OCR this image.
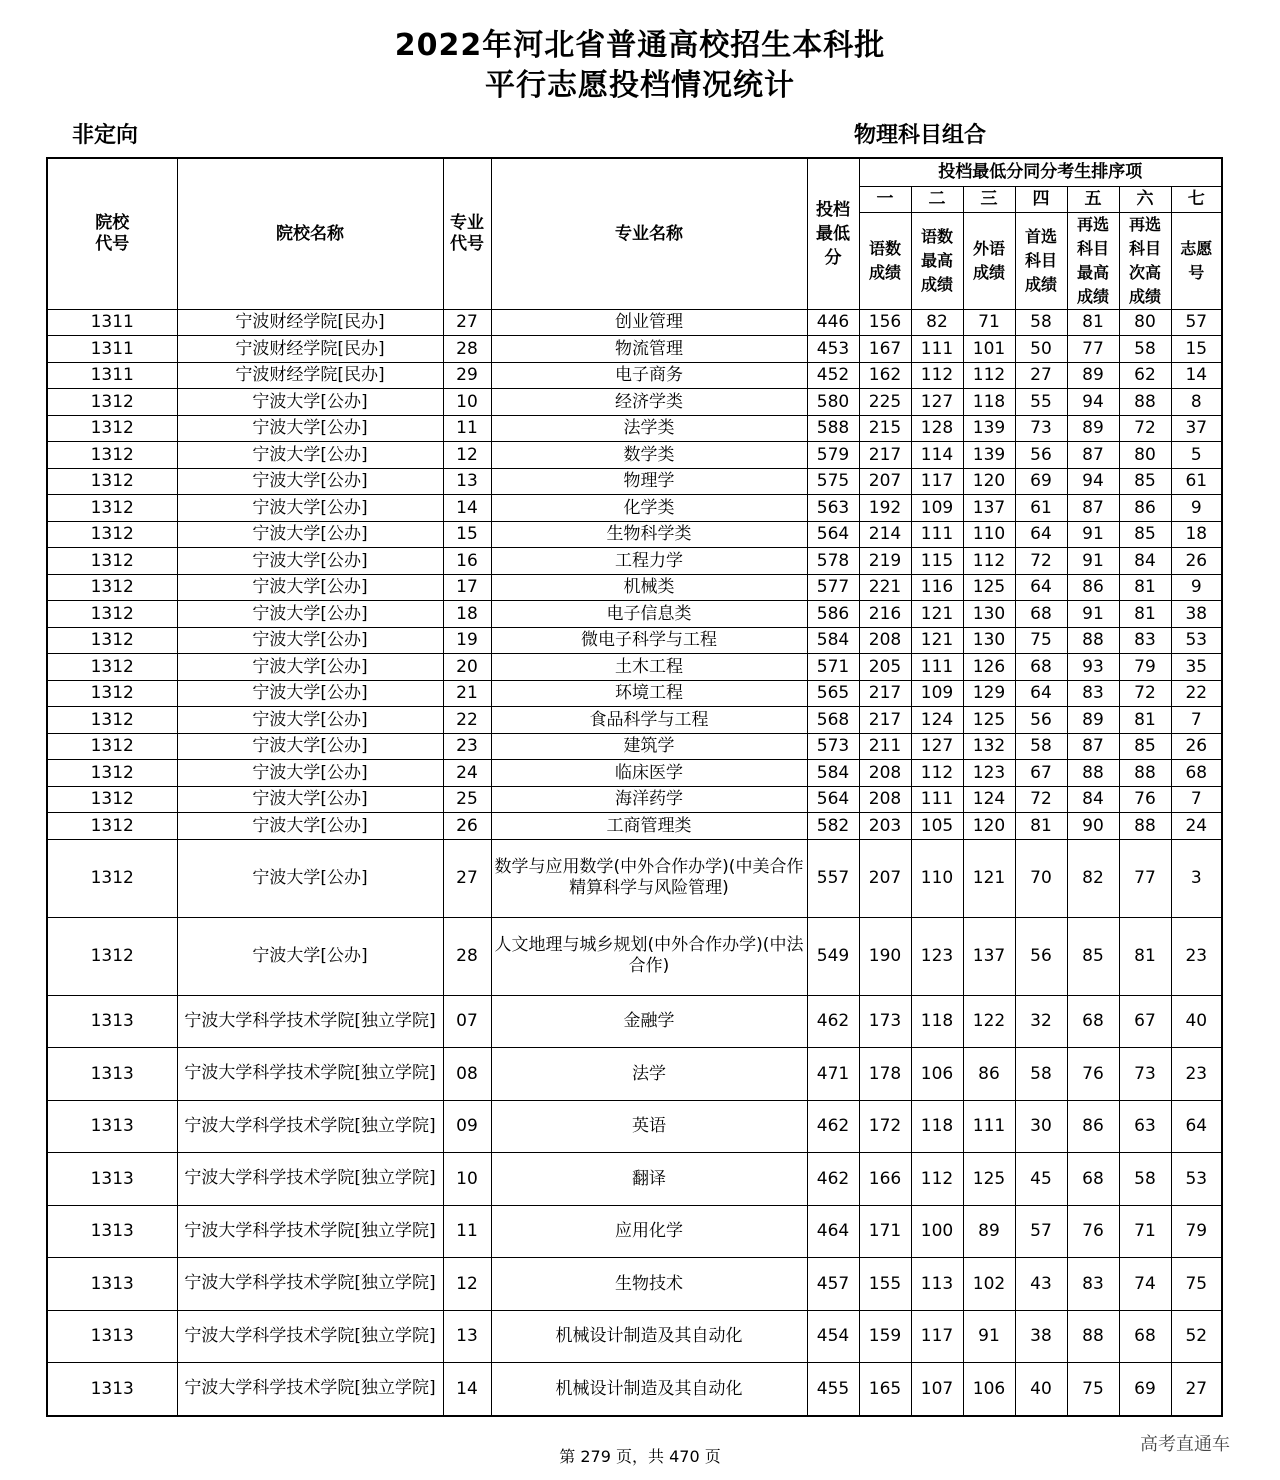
2022年河北省普通高校招生本科批
平行志愿投档情况统计
非定向	物理科目组合
院校代号	院校名称	专业代号	专业名称	投档最低分	投档最低分同分考生排序项						
					一	二	三	四	五	六	七

					语数成绩	语数最高成绩	外语成绩	首选科目成绩	再选科目最高成绩	再选科目次高成绩	志愿号

1311	宁波财经学院[民办]	27	创业管理	446	156	82	71	58	81	80	57
1311	宁波财经学院[民办]	28	物流管理	453	167	111	101	50	77	58	15
1311	宁波财经学院[民办]	29	电子商务	452	162	112	112	27	89	62	14
1312	宁波大学[公办]	10	经济学类	580	225	127	118	55	94	88	8
1312	宁波大学[公办]	11	法学类	588	215	128	139	73	89	72	37
1312	宁波大学[公办]	12	数学类	579	217	114	139	56	87	80	5
1312	宁波大学[公办]	13	物理学	575	207	117	120	69	94	85	61
1312	宁波大学[公办]	14	化学类	563	192	109	137	61	87	86	9
1312	宁波大学[公办]	15	生物科学类	564	214	111	110	64	91	85	18
1312	宁波大学[公办]	16	工程力学	578	219	115	112	72	91	84	26
1312	宁波大学[公办]	17	机械类	577	221	116	125	64	86	81	9
1312	宁波大学[公办]	18	电子信息类	586	216	121	130	68	91	81	38
1312	宁波大学[公办]	19	微电子科学与工程	584	208	121	130	75	88	83	53
1312	宁波大学[公办]	20	土木工程	571	205	111	126	68	93	79	35
1312	宁波大学[公办]	21	环境工程	565	217	109	129	64	83	72	22
1312	宁波大学[公办]	22	食品科学与工程	568	217	124	125	56	89	81	7
1312	宁波大学[公办]	23	建筑学	573	211	127	132	58	87	85	26
1312	宁波大学[公办]	24	临床医学	584	208	112	123	67	88	88	68
1312	宁波大学[公办]	25	海洋药学	564	208	111	124	72	84	76	7
1312	宁波大学[公办]	26	工商管理类	582	203	105	120	81	90	88	24
1312	宁波大学[公办]	27	数学与应用数学(中外合作办学)(中美合作精算科学与风险管理)	557	207	110	121	70	82	77	3
1312	宁波大学[公办]	28	人文地理与城乡规划(中外合作办学)(中法合作)	549	190	123	137	56	85	81	23
1313	宁波大学科学技术学院[独立学院]	07	金融学	462	173	118	122	32	68	67	40
1313	宁波大学科学技术学院[独立学院]	08	法学	471	178	106	86	58	76	73	23
1313	宁波大学科学技术学院[独立学院]	09	英语	462	172	118	111	30	86	63	64
1313	宁波大学科学技术学院[独立学院]	10	翻译	462	166	112	125	45	68	58	53
1313	宁波大学科学技术学院[独立学院]	11	应用化学	464	171	100	89	57	76	71	79
1313	宁波大学科学技术学院[独立学院]	12	生物技术	457	155	113	102	43	83	74	75
1313	宁波大学科学技术学院[独立学院]	13	机械设计制造及其自动化	454	159	117	91	38	88	68	52
1313	宁波大学科学技术学院[独立学院]	14	机械设计制造及其自动化	455	165	107	106	40	75	69	27
第 279 页，共 470 页
高考直通车
